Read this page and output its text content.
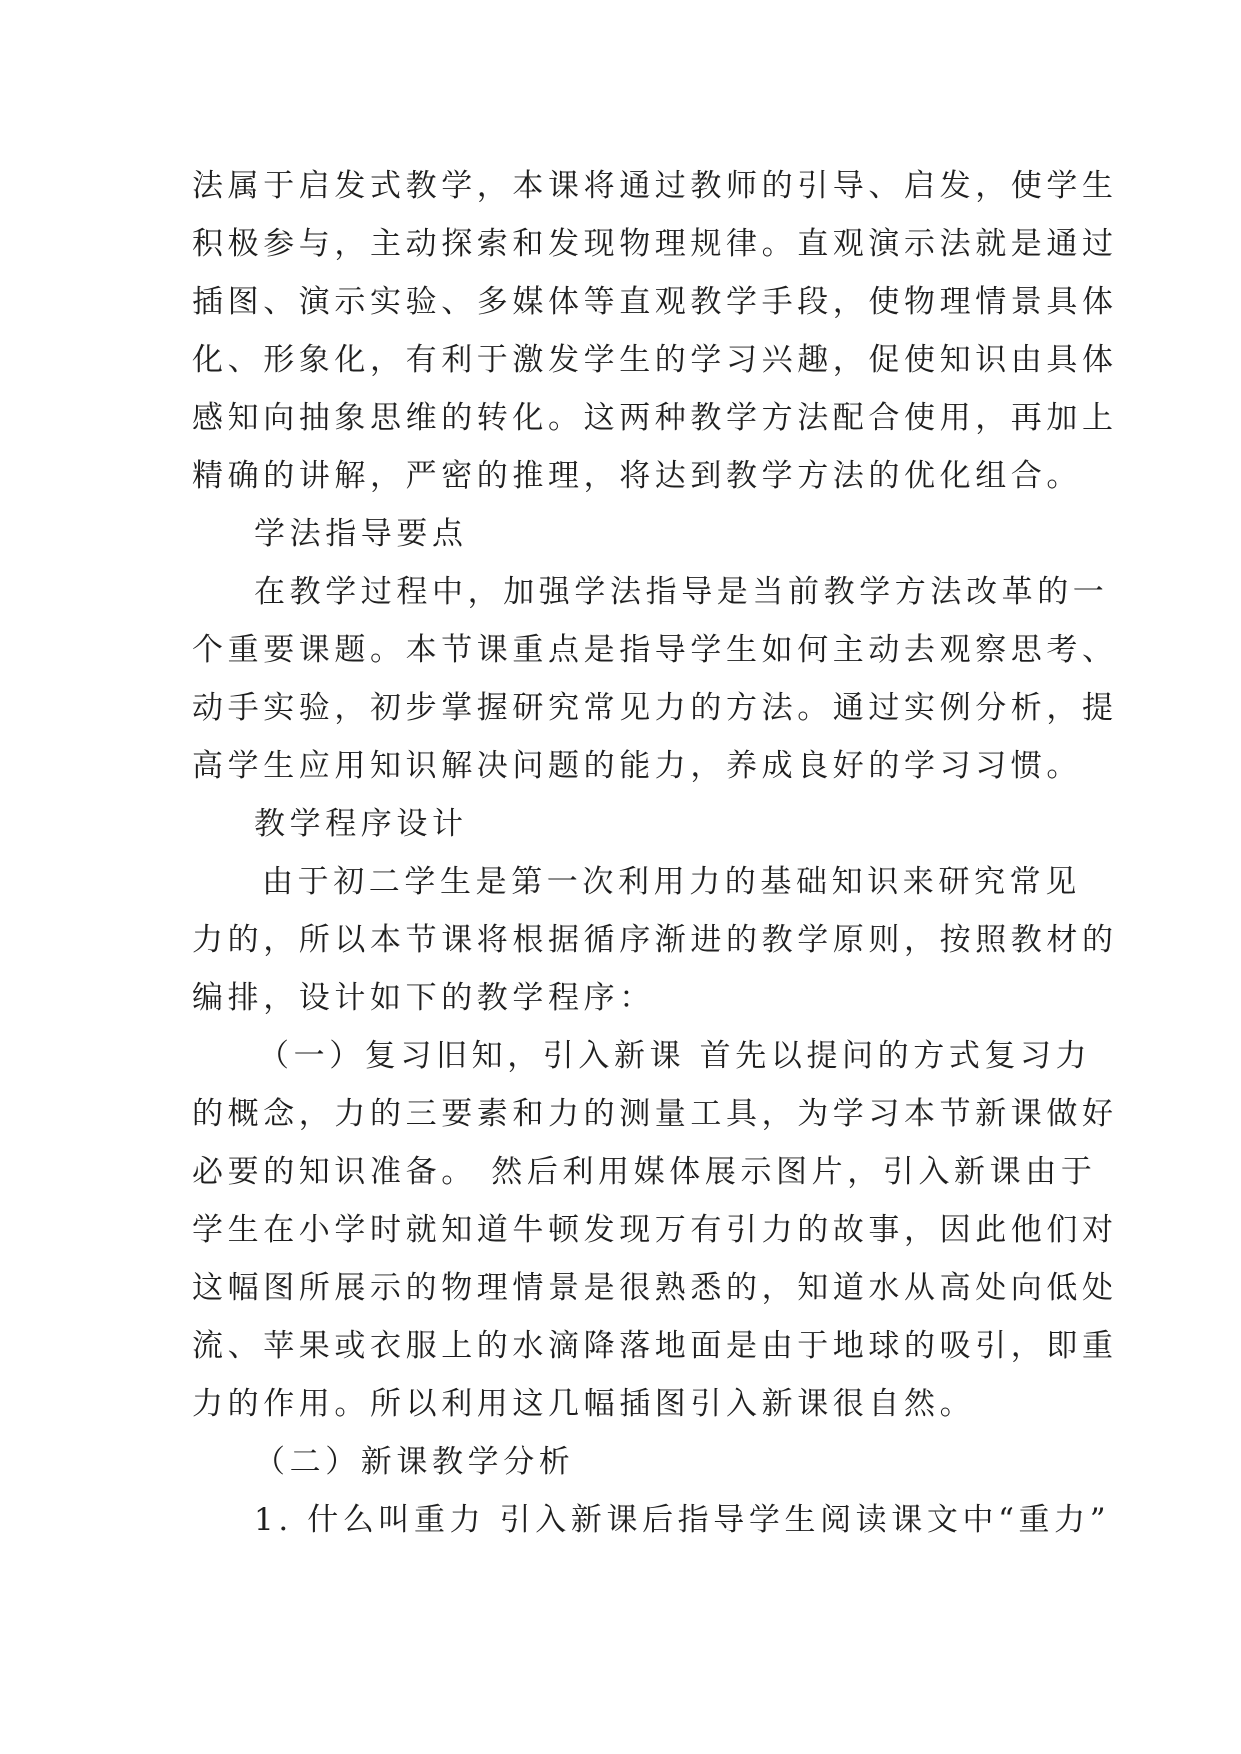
法属于启发式教学，本课将通过教师的引导、启发，使学生
积极参与，主动探索和发现物理规律。直观演示法就是通过
插图、演示实验、多媒体等直观教学手段，使物理情景具体
化、形象化，有利于激发学生的学习兴趣，促使知识由具体
感知向抽象思维的转化。这两种教学方法配合使用，再加上
精确的讲解，严密的推理，将达到教学方法的优化组合。
学法指导要点
在教学过程中，加强学法指导是当前教学方法改革的一
个重要课题。本节课重点是指导学生如何主动去观察思考、
动手实验，初步掌握研究常见力的方法。通过实例分析，提
高学生应用知识解决问题的能力，养成良好的学习习惯。
教学程序设计
由于初二学生是第一次利用力的基础知识来研究常见
力的，所以本节课将根据循序渐进的教学原则，按照教材的
编排，设计如下的教学程序：
（一）复习旧知，引入新课 首先以提问的方式复习力
的概念，力的三要素和力的测量工具，为学习本节新课做好
必要的知识准备。 然后利用媒体展示图片，引入新课由于
学生在小学时就知道牛顿发现万有引力的故事，因此他们对
这幅图所展示的物理情景是很熟悉的，知道水从高处向低处
流、苹果或衣服上的水滴降落地面是由于地球的吸引，即重
力的作用。所以利用这几幅插图引入新课很自然。
（二）新课教学分析
1. 什么叫重力 引入新课后指导学生阅读课文中“重力”
